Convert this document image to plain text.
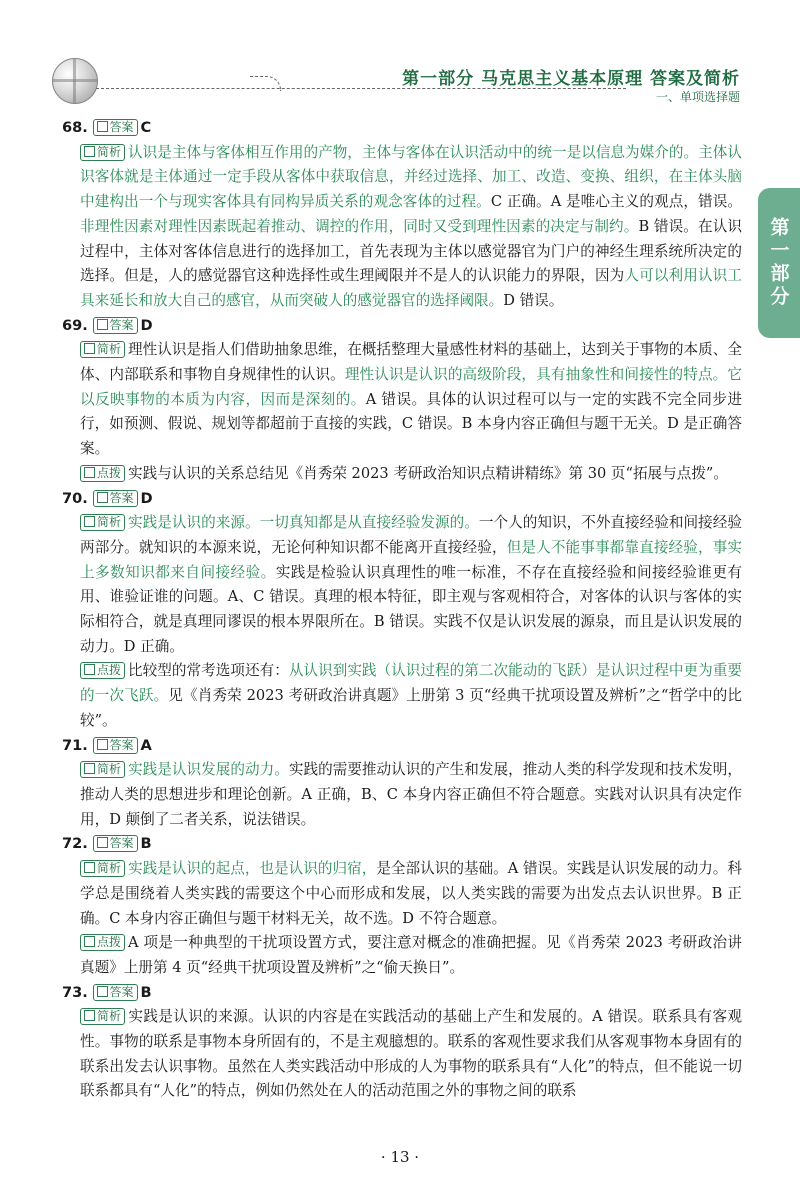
第一部分 马克思主义基本原理 答案及简析
一、单项选择题
第一部分

68. 答案 C

简析 认识是主体与客体相互作用的产物，主体与客体在认识活动中的统一是以信息为媒介的。主体认识客体就是主体通过一定手段从客体中获取信息，并经过选择、加工、改造、变换、组织，在主体头脑中建构出一个与现实客体具有同构异质关系的观念客体的过程。C 正确。A 是唯心主义的观点，错误。非理性因素对理性因素既起着推动、调控的作用，同时又受到理性因素的决定与制约。B 错误。在认识过程中，主体对客体信息进行的选择加工，首先表现为主体以感觉器官为门户的神经生理系统所决定的选择。但是，人的感觉器官这种选择性或生理阈限并不是人的认识能力的界限，因为人可以利用认识工具来延长和放大自己的感官，从而突破人的感觉器官的选择阈限。D 错误。

69. 答案 D

简析 理性认识是指人们借助抽象思维，在概括整理大量感性材料的基础上，达到关于事物的本质、全体、内部联系和事物自身规律性的认识。理性认识是认识的高级阶段，具有抽象性和间接性的特点。它以反映事物的本质为内容，因而是深刻的。A 错误。具体的认识过程可以与一定的实践不完全同步进行，如预测、假说、规划等都超前于直接的实践，C 错误。B 本身内容正确但与题干无关。D 是正确答案。

点拨 实践与认识的关系总结见《肖秀荣 2023 考研政治知识点精讲精练》第 30 页“拓展与点拨”。

70. 答案 D

简析 实践是认识的来源。一切真知都是从直接经验发源的。一个人的知识，不外直接经验和间接经验两部分。就知识的本源来说，无论何种知识都不能离开直接经验，但是人不能事事都靠直接经验，事实上多数知识都来自间接经验。实践是检验认识真理性的唯一标准，不存在直接经验和间接经验谁更有用、谁验证谁的问题。A、C 错误。真理的根本特征，即主观与客观相符合，对客体的认识与客体的实际相符合，就是真理同谬误的根本界限所在。B 错误。实践不仅是认识发展的源泉，而且是认识发展的动力。D 正确。

点拨 比较型的常考选项还有：从认识到实践（认识过程的第二次能动的飞跃）是认识过程中更为重要的一次飞跃。见《肖秀荣 2023 考研政治讲真题》上册第 3 页“经典干扰项设置及辨析”之“哲学中的比较”。

71. 答案 A

简析 实践是认识发展的动力。实践的需要推动认识的产生和发展，推动人类的科学发现和技术发明，推动人类的思想进步和理论创新。A 正确，B、C 本身内容正确但不符合题意。实践对认识具有决定作用，D 颠倒了二者关系，说法错误。

72. 答案 B

简析 实践是认识的起点，也是认识的归宿，是全部认识的基础。A 错误。实践是认识发展的动力。科学总是围绕着人类实践的需要这个中心而形成和发展，以人类实践的需要为出发点去认识世界。B 正确。C 本身内容正确但与题干材料无关，故不选。D 不符合题意。

点拨 A 项是一种典型的干扰项设置方式，要注意对概念的准确把握。见《肖秀荣 2023 考研政治讲真题》上册第 4 页“经典干扰项设置及辨析”之“偷天换日”。

73. 答案 B

简析 实践是认识的来源。认识的内容是在实践活动的基础上产生和发展的。A 错误。联系具有客观性。事物的联系是事物本身所固有的，不是主观臆想的。联系的客观性要求我们从客观事物本身固有的联系出发去认识事物。虽然在人类实践活动中形成的人为事物的联系具有“人化”的特点，但不能说一切联系都具有“人化”的特点，例如仍然处在人的活动范围之外的事物之间的联系

· 13 ·
